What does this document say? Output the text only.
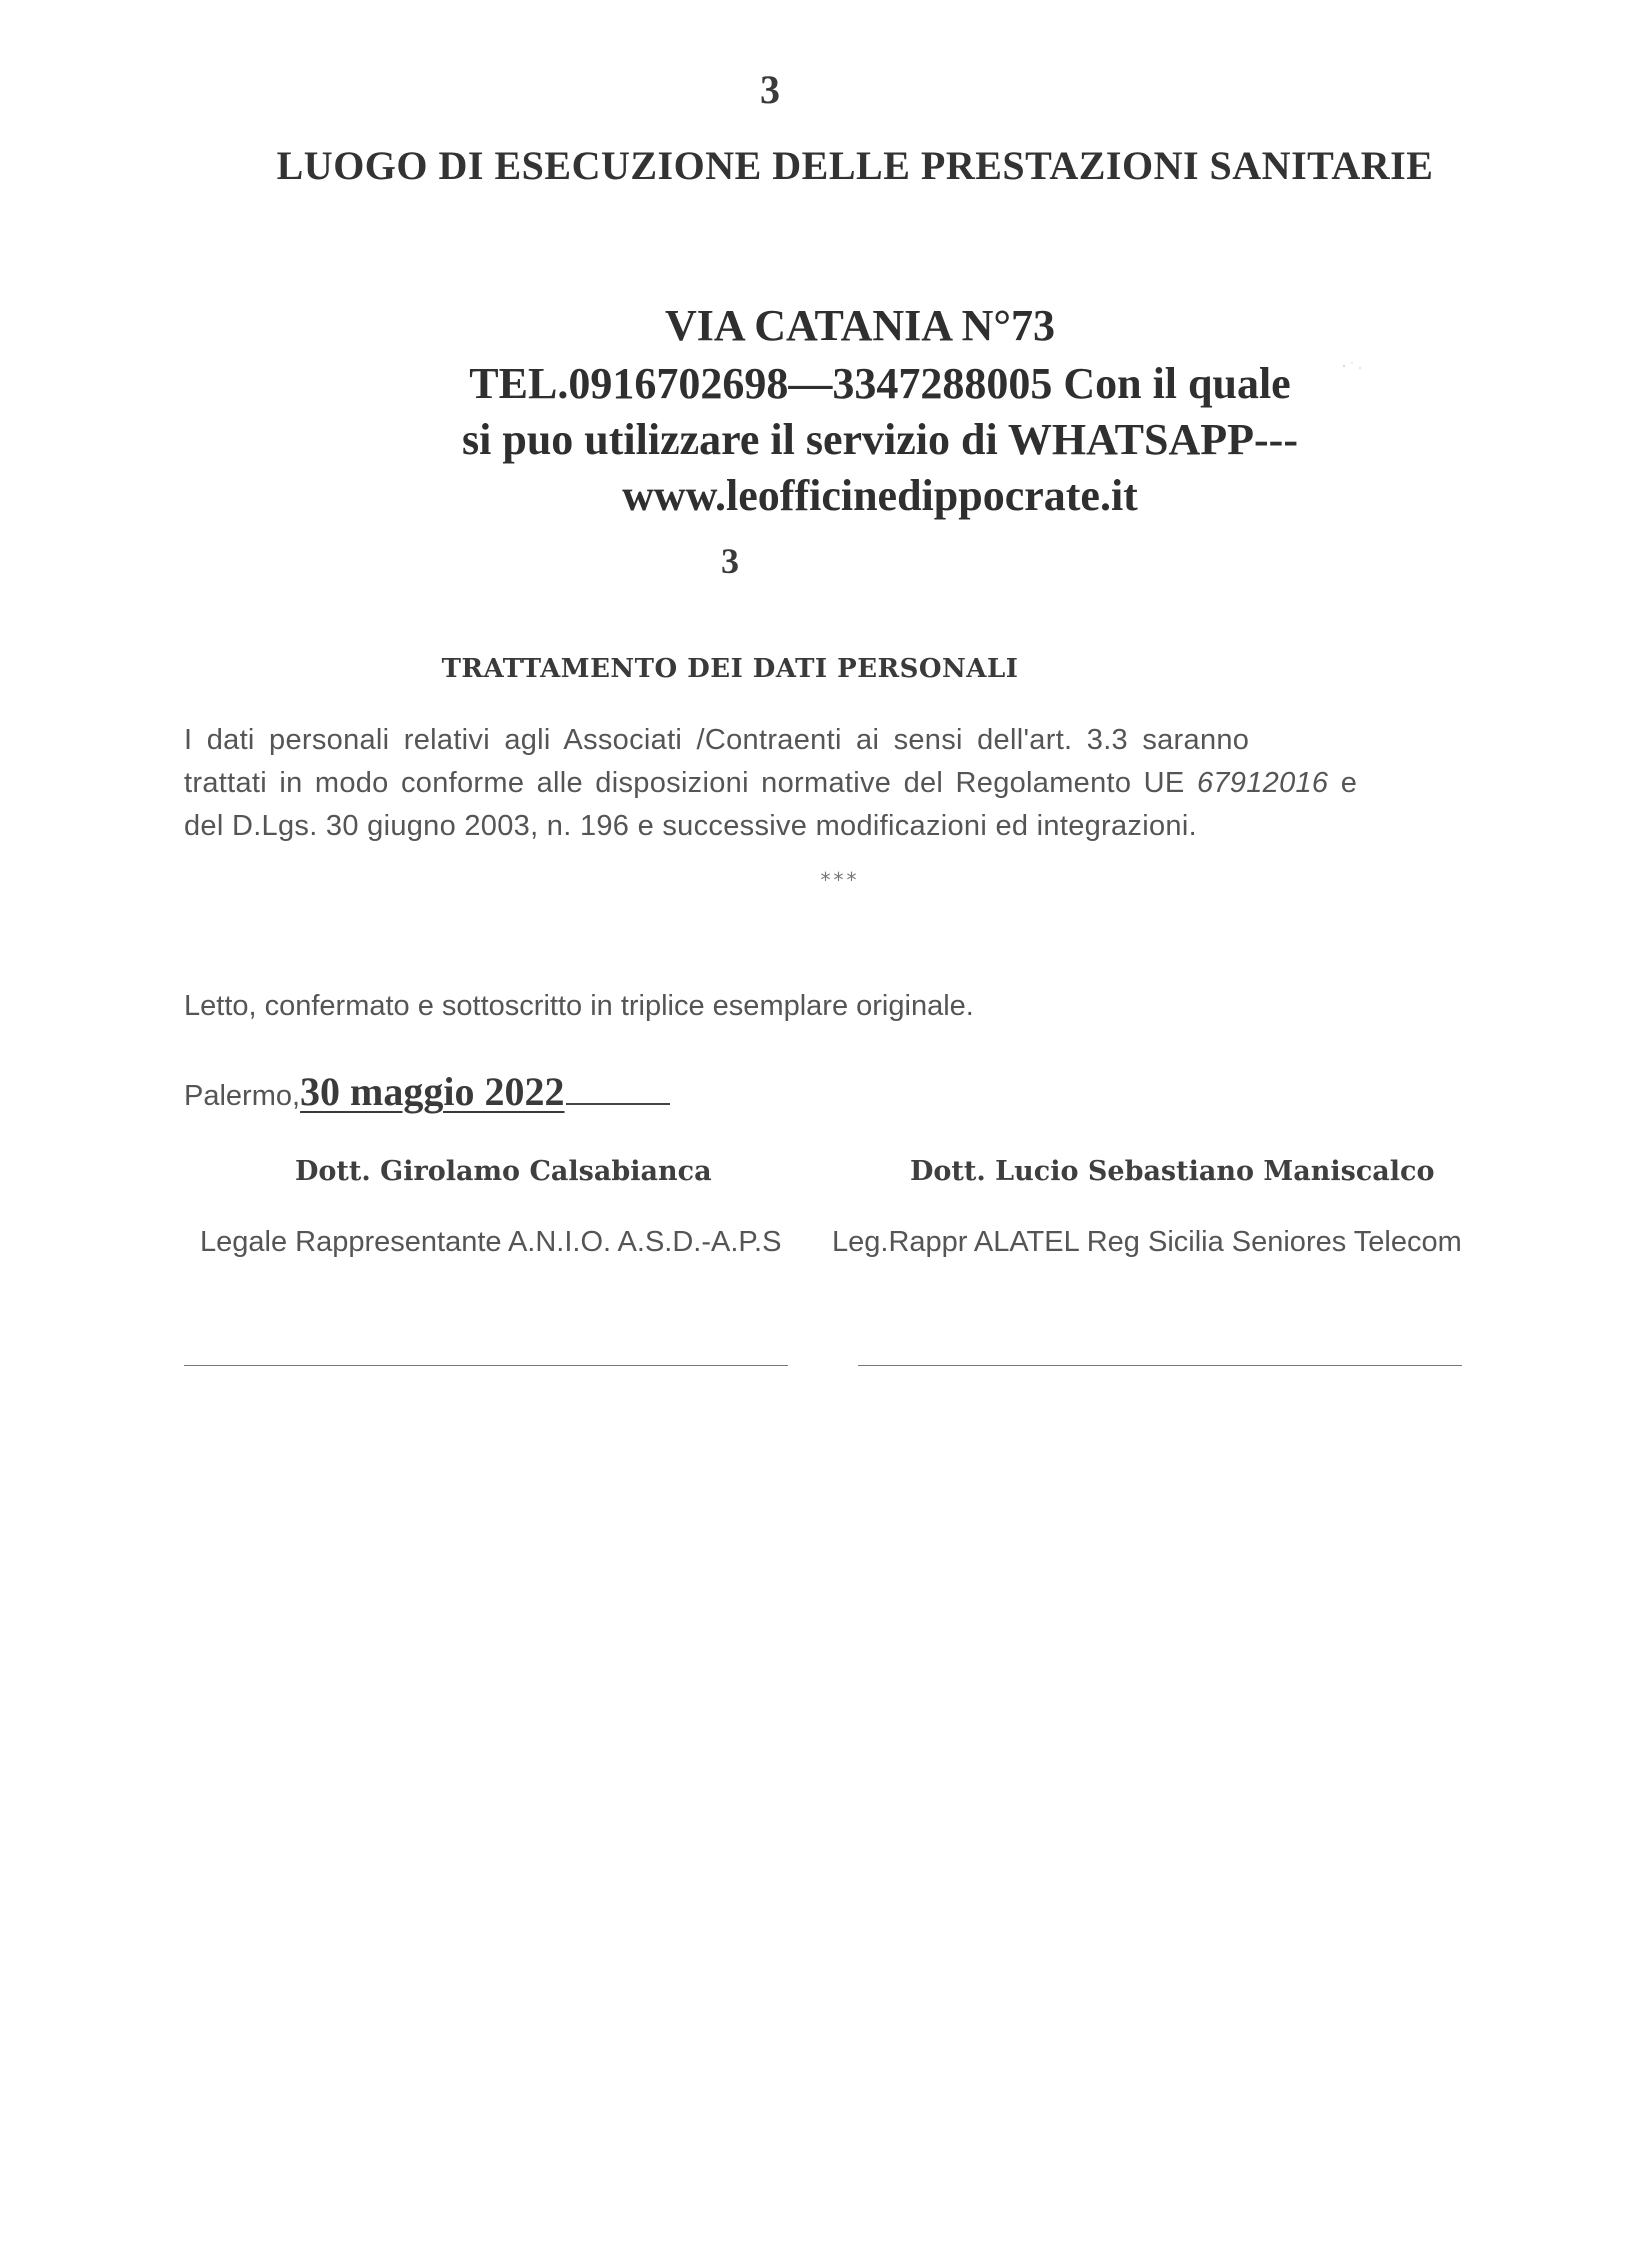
3

LUOGO DI ESECUZIONE DELLE PRESTAZIONI SANITARIE

VIA CATANIA N°73

TEL.0916702698—3347288005 Con il quale

si puo utilizzare il servizio di WHATSAPP---

www.leofficinedippocrate.it

3

TRATTAMENTO DEI DATI PERSONALI

I dati personali relativi agli Associati /Contraenti ai sensi dell'art. 3.3 saranno

trattati in modo conforme alle disposizioni normative del Regolamento UE 67912016 e

del D.Lgs. 30 giugno 2003, n. 196 e successive modificazioni ed integrazioni.

***

Letto, confermato e sottoscritto in triplice esemplare originale.

Palermo,30 maggio 2022

Dott. Girolamo Calsabianca	Dott. Lucio Sebastiano Maniscalco

Legale Rappresentante A.N.I.O. A.S.D.-A.P.S Leg.Rappr ALATEL Reg Sicilia Seniores Telecom
